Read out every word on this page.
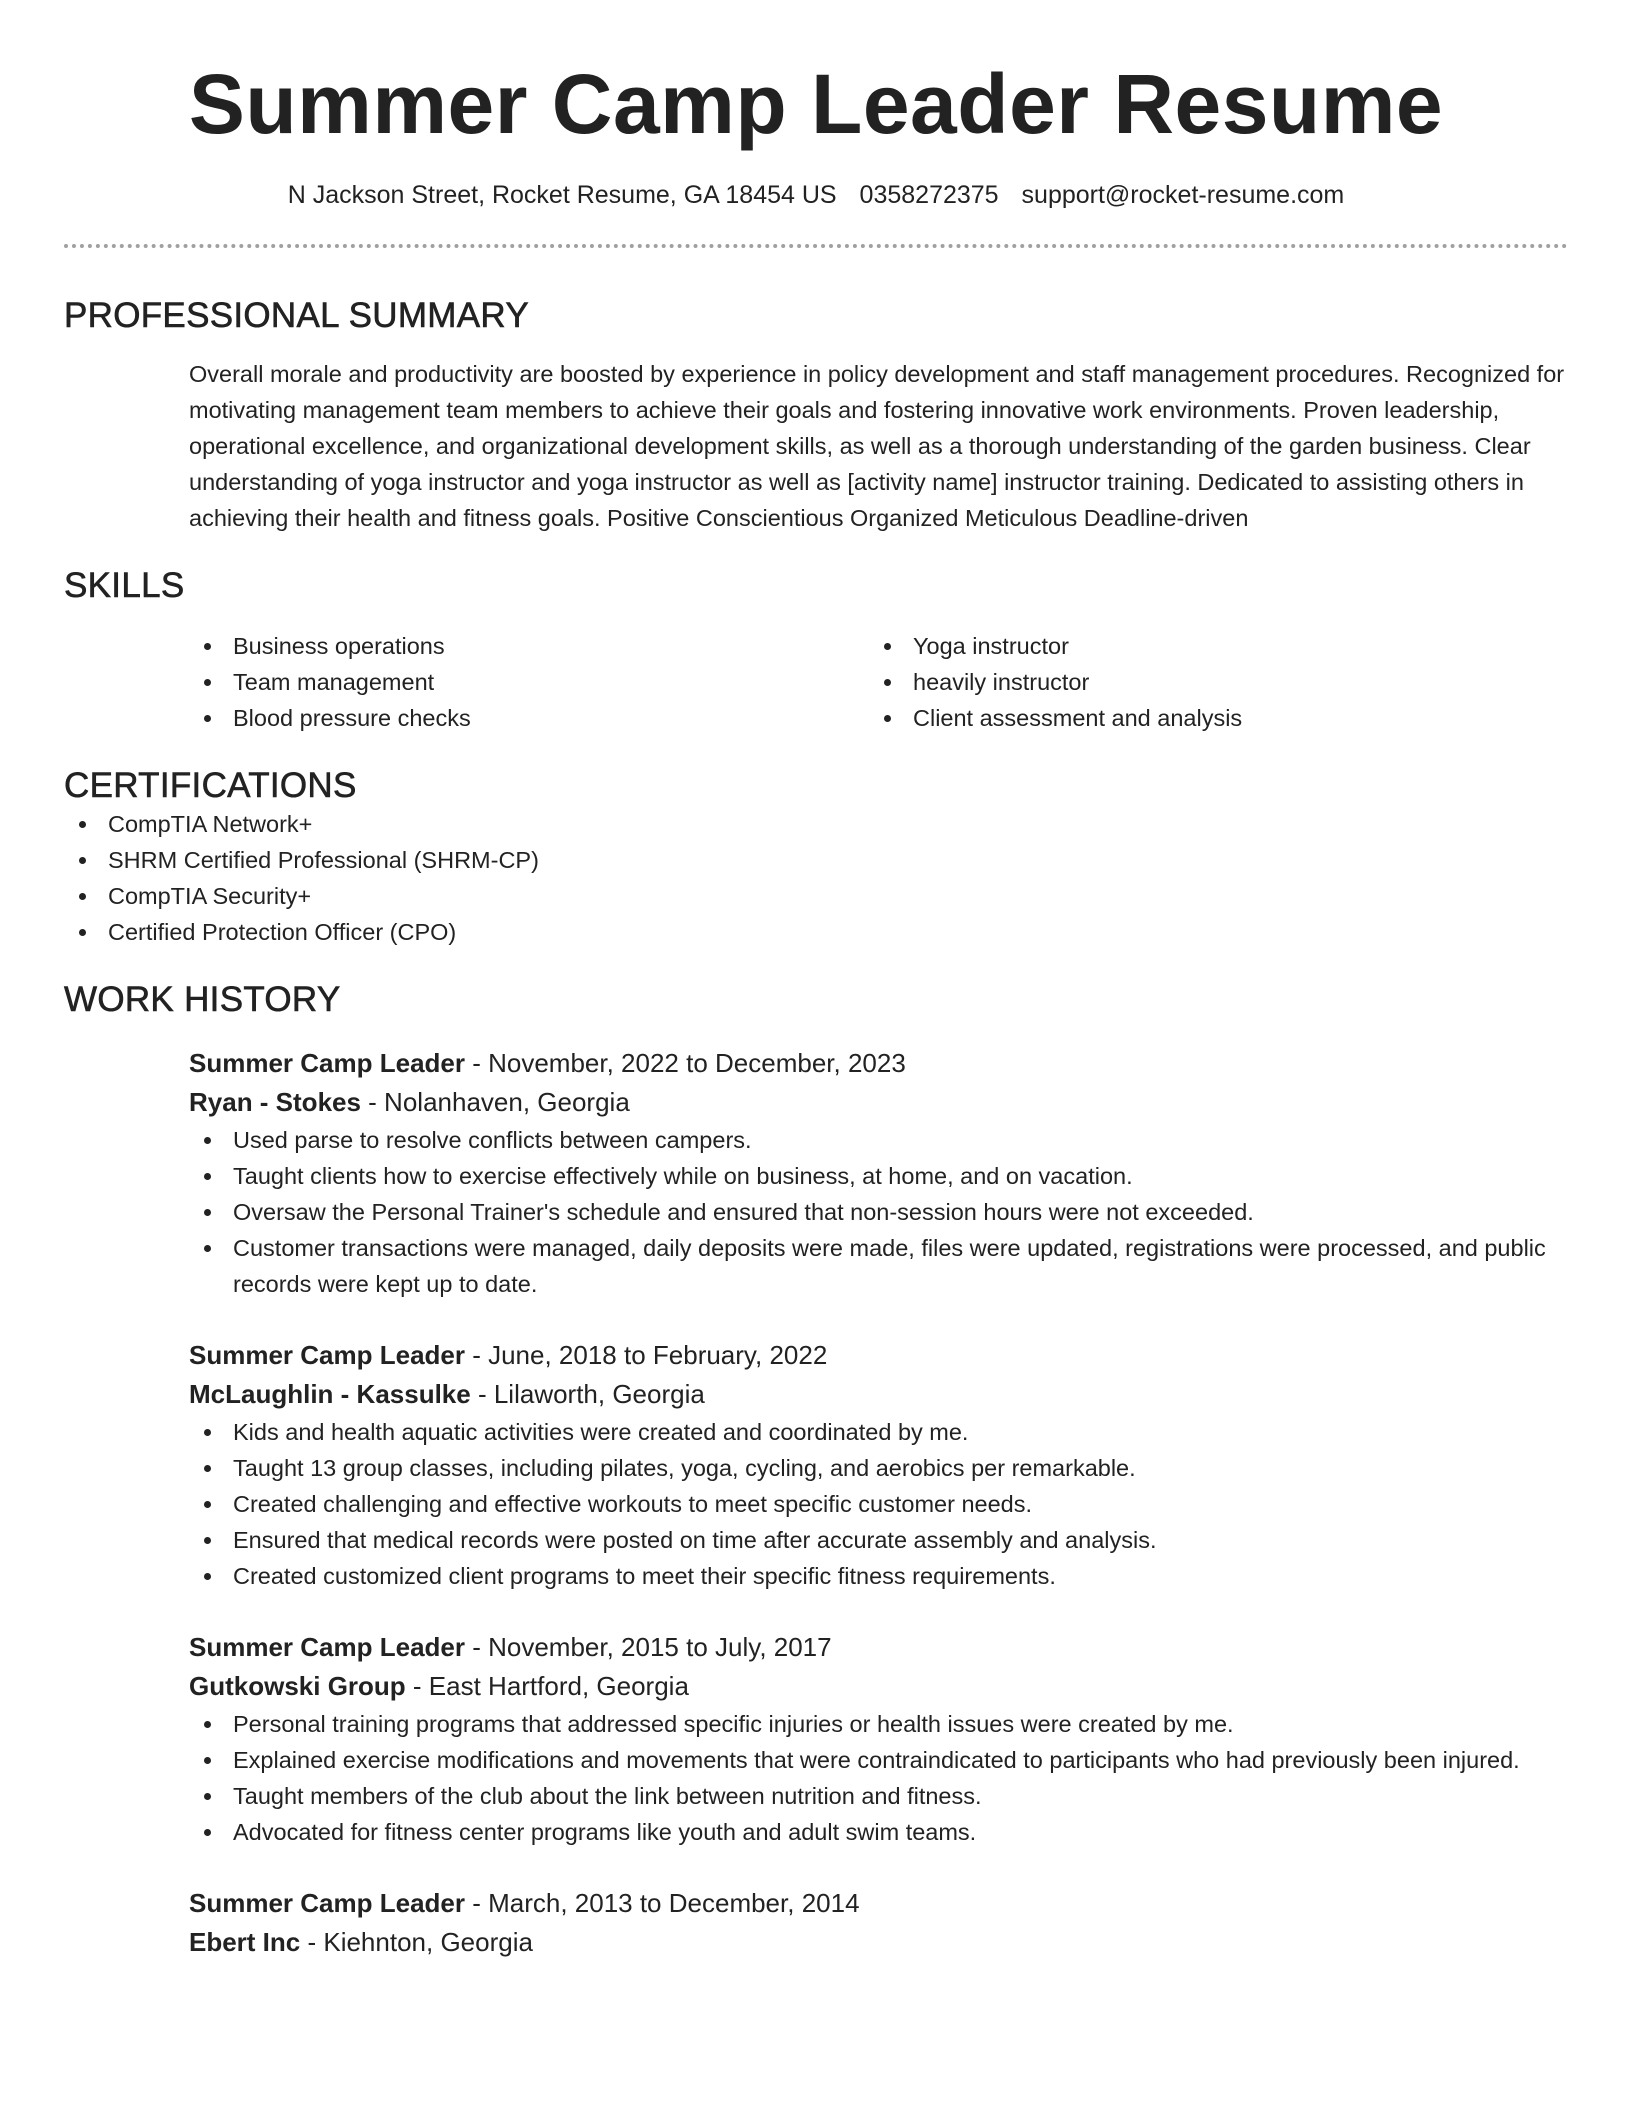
Summer Camp Leader Resume
N Jackson Street, Rocket Resume, GA 18454 US 0358272375 support@rocket-resume.com
PROFESSIONAL SUMMARY
Overall morale and productivity are boosted by experience in policy development and staff management procedures. Recognized for motivating management team members to achieve their goals and fostering innovative work environments. Proven leadership, operational excellence, and organizational development skills, as well as a thorough understanding of the garden business. Clear understanding of yoga instructor and yoga instructor as well as [activity name] instructor training. Dedicated to assisting others in achieving their health and fitness goals. Positive Conscientious Organized Meticulous Deadline-driven
SKILLS
Business operations
Team management
Blood pressure checks
Yoga instructor
heavily instructor
Client assessment and analysis
CERTIFICATIONS
CompTIA Network+
SHRM Certified Professional (SHRM-CP)
CompTIA Security+
Certified Protection Officer (CPO)
WORK HISTORY
Summer Camp Leader - November, 2022 to December, 2023
Ryan - Stokes - Nolanhaven, Georgia
Used parse to resolve conflicts between campers.
Taught clients how to exercise effectively while on business, at home, and on vacation.
Oversaw the Personal Trainer's schedule and ensured that non-session hours were not exceeded.
Customer transactions were managed, daily deposits were made, files were updated, registrations were processed, and public records were kept up to date.
Summer Camp Leader - June, 2018 to February, 2022
McLaughlin - Kassulke - Lilaworth, Georgia
Kids and health aquatic activities were created and coordinated by me.
Taught 13 group classes, including pilates, yoga, cycling, and aerobics per remarkable.
Created challenging and effective workouts to meet specific customer needs.
Ensured that medical records were posted on time after accurate assembly and analysis.
Created customized client programs to meet their specific fitness requirements.
Summer Camp Leader - November, 2015 to July, 2017
Gutkowski Group - East Hartford, Georgia
Personal training programs that addressed specific injuries or health issues were created by me.
Explained exercise modifications and movements that were contraindicated to participants who had previously been injured.
Taught members of the club about the link between nutrition and fitness.
Advocated for fitness center programs like youth and adult swim teams.
Summer Camp Leader - March, 2013 to December, 2014
Ebert Inc - Kiehnton, Georgia
